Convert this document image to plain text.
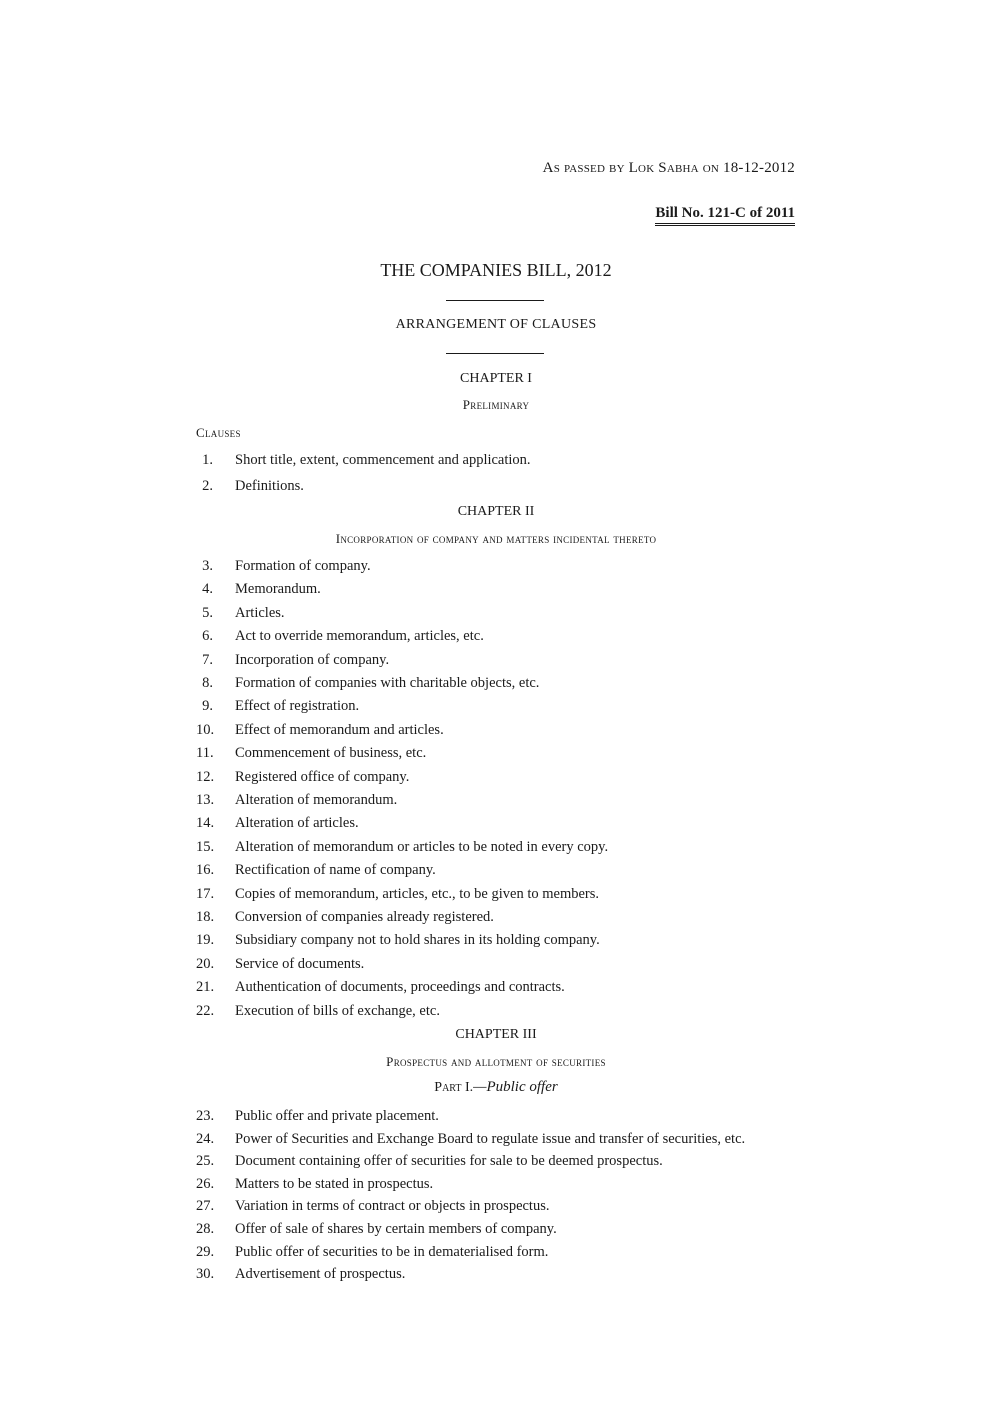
As passed by Lok Sabha on 18-12-2012
Bill No. 121-C of 2011
THE COMPANIES BILL, 2012
ARRANGEMENT OF CLAUSES
CHAPTER I
Preliminary
Clauses
1. Short title, extent, commencement and application.
2. Definitions.
CHAPTER II
Incorporation of company and matters incidental thereto
3. Formation of company.
4. Memorandum.
5. Articles.
6. Act to override memorandum, articles, etc.
7. Incorporation of company.
8. Formation of companies with charitable objects, etc.
9. Effect of registration.
10. Effect of memorandum and articles.
11. Commencement of business, etc.
12. Registered office of company.
13. Alteration of memorandum.
14. Alteration of articles.
15. Alteration of memorandum or articles to be noted in every copy.
16. Rectification of name of company.
17. Copies of memorandum, articles, etc., to be given to members.
18. Conversion of companies already registered.
19. Subsidiary company not to hold shares in its holding company.
20. Service of documents.
21. Authentication of documents, proceedings and contracts.
22. Execution of bills of exchange, etc.
CHAPTER III
Prospectus and allotment of securities
Part I.—Public offer
23. Public offer and private placement.
24. Power of Securities and Exchange Board to regulate issue and transfer of securities, etc.
25. Document containing offer of securities for sale to be deemed prospectus.
26. Matters to be stated in prospectus.
27. Variation in terms of contract or objects in prospectus.
28. Offer of sale of shares by certain members of company.
29. Public offer of securities to be in dematerialised form.
30. Advertisement of prospectus.
